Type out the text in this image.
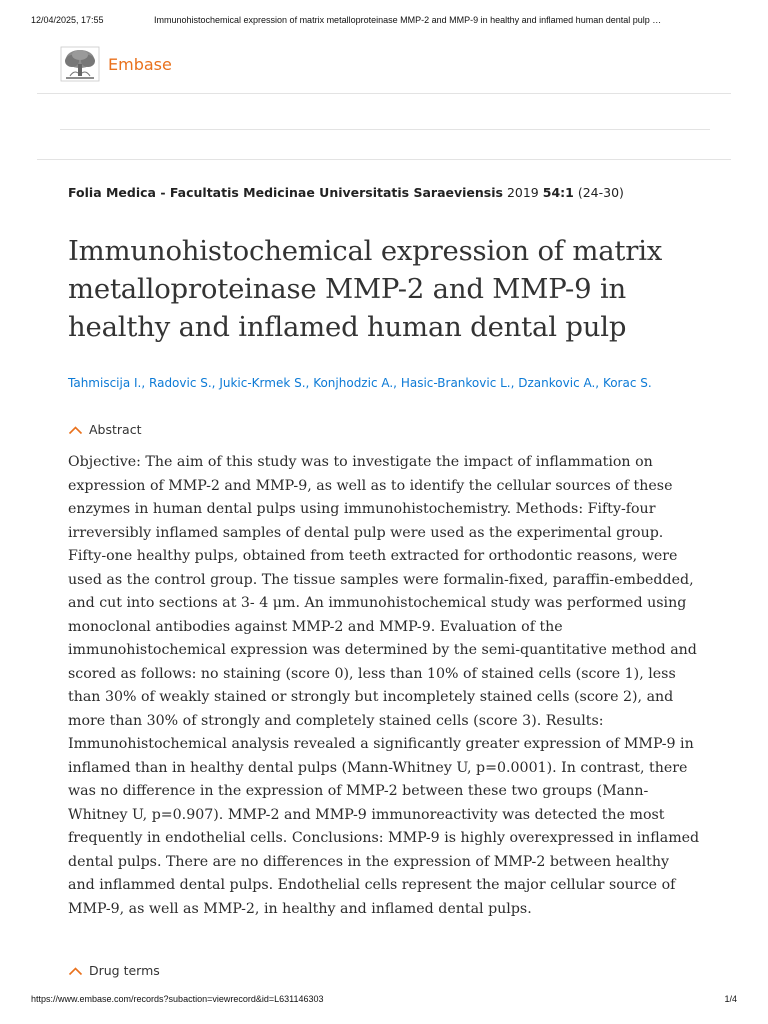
12/04/2025, 17:55	Immunohistochemical expression of matrix metalloproteinase MMP-2 and MMP-9 in healthy and inflamed human dental pulp …
Embase

Folia Medica - Facultatis Medicinae Universitatis Saraeviensis 2019 54:1 (24-30)

Immunohistochemical expression of matrix metalloproteinase MMP-2 and MMP-9 in healthy and inflamed human dental pulp
Tahmiscija I., Radovic S., Jukic-Krmek S., Konjhodzic A., Hasic-Brankovic L., Dzankovic A., Korac S.
Abstract
Objective: The aim of this study was to investigate the impact of inflammation on expression of MMP-2 and MMP-9, as well as to identify the cellular sources of these enzymes in human dental pulps using immunohistochemistry. Methods: Fifty-four irreversibly inflamed samples of dental pulp were used as the experimental group. Fifty-one healthy pulps, obtained from teeth extracted for orthodontic reasons, were used as the control group. The tissue samples were formalin-fixed, paraffin-embedded, and cut into sections at 3- 4 μm. An immunohistochemical study was performed using monoclonal antibodies against MMP-2 and MMP-9. Evaluation of the immunohistochemical expression was determined by the semi-quantitative method and scored as follows: no staining (score 0), less than 10% of stained cells (score 1), less than 30% of weakly stained or strongly but incompletely stained cells (score 2), and more than 30% of strongly and completely stained cells (score 3). Results: Immunohistochemical analysis revealed a significantly greater expression of MMP-9 in inflamed than in healthy dental pulps (Mann-Whitney U, p=0.0001). In contrast, there was no difference in the expression of MMP-2 between these two groups (Mann-Whitney U, p=0.907). MMP-2 and MMP-9 immunoreactivity was detected the most frequently in endothelial cells. Conclusions: MMP-9 is highly overexpressed in inflamed dental pulps. There are no differences in the expression of MMP-2 between healthy and inflammed dental pulps. Endothelial cells represent the major cellular source of MMP-9, as well as MMP-2, in healthy and inflamed dental pulps.
Drug terms
https://www.embase.com/records?subaction=viewrecord&id=L631146303	1/4
